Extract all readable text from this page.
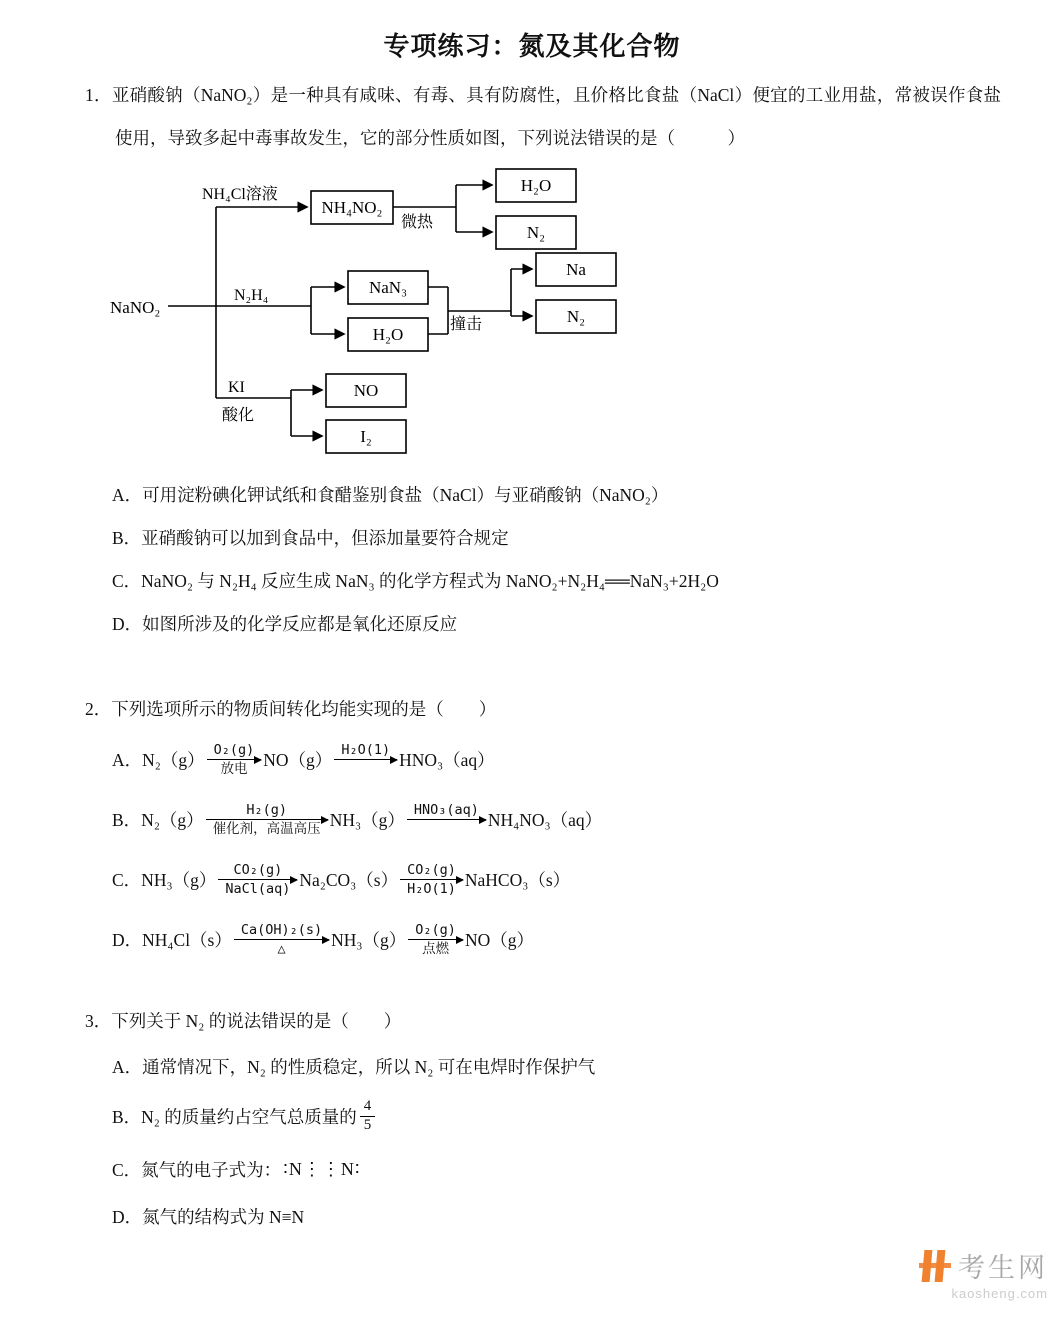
专项练习：氮及其化合物
1．亚硝酸钠（NaNO₂）是一种具有咸味、有毒、具有防腐性，且价格比食盐（NaCl）便宜的工业用盐，常被误作食盐使用，导致多起中毒事故发生，它的部分性质如图，下列说法错误的是（　　　）
NaNO₂
NH₄Cl溶液
NH₄NO₂
微热
H₂O
N₂
N₂H₄	NaN₃
H₂O
撞击
Na
N₂
KI
酸化
NO
I₂
A．可用淀粉碘化钾试纸和食醋鉴别食盐（NaCl）与亚硝酸钠（NaNO₂）
B．亚硝酸钠可以加到食品中，但添加量要符合规定
C．NaNO₂ 与 N₂H₄ 反应生成 NaN₃ 的化学方程式为 NaNO₂+N₂H₄══NaN₃+2H₂O
D．如图所涉及的化学反应都是氧化还原反应
2．下列选项所示的物质间转化均能实现的是（　　）
A． N₂（g）
O₂(g)
放电 NO（g）
H₂O(1)
HNO₃（aq）
B． N₂（g）
H₂(g)
催化剂，高温高压 NH₃（g）
HNO₃(aq)
NH₄NO₃（aq）
C． NH₃（g）
CO₂(g)
NaCl(aq) Na₂CO₃（s）
CO₂(g)
H₂O(1) NaHCO₃（s）
D． NH₄Cl（s）
Ca(OH)₂(s)
△	NH₃（g）
O₂(g)
点燃 NO（g）
3．下列关于 N₂ 的说法错误的是（　　）
A．通常情况下，N₂ 的性质稳定，所以 N₂ 可在电焊时作保护气
B．N₂ 的质量约占空气总质量的 $\frac{4}{5}$
C．氮气的电子式为： ∶N⋮⋮N∶
D．氮气的结构式为 N≡N
考生网
kaosheng.com
